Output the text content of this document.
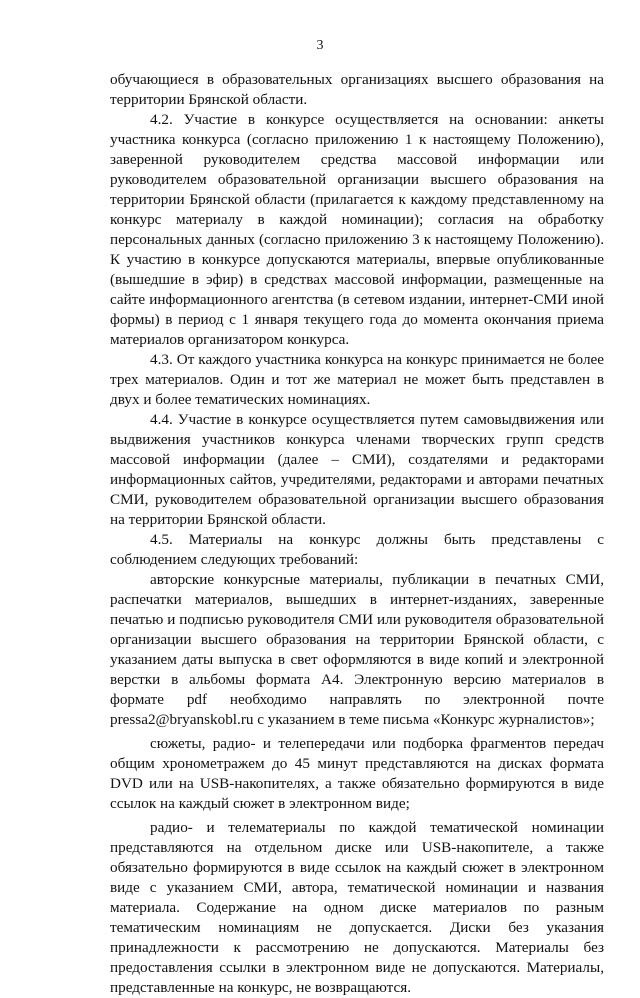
3

обучающиеся в образовательных организациях высшего образования на территории Брянской области.

4.2. Участие в конкурсе осуществляется на основании: анкеты участника конкурса (согласно приложению 1 к настоящему Положению), заверенной руководителем средства массовой информации или руководителем образовательной организации высшего образования на территории Брянской области (прилагается к каждому представленному на конкурс материалу в каждой номинации); согласия на обработку персональных данных (согласно приложению 3 к настоящему Положению). К участию в конкурсе допускаются материалы, впервые опубликованные (вышедшие в эфир) в средствах массовой информации, размещенные на сайте информационного агентства (в сетевом издании, интернет-СМИ иной формы) в период с 1 января текущего года до момента окончания приема материалов организатором конкурса.

4.3. От каждого участника конкурса на конкурс принимается не более трех материалов. Один и тот же материал не может быть представлен в двух и более тематических номинациях.

4.4. Участие в конкурсе осуществляется путем самовыдвижения или выдвижения участников конкурса членами творческих групп средств массовой информации (далее – СМИ), создателями и редакторами информационных сайтов, учредителями, редакторами и авторами печатных СМИ, руководителем образовательной организации высшего образования на территории Брянской области.

4.5. Материалы на конкурс должны быть представлены с соблюдением следующих требований:

авторские конкурсные материалы, публикации в печатных СМИ, распечатки материалов, вышедших в интернет-изданиях, заверенные печатью и подписью руководителя СМИ или руководителя образовательной организации высшего образования на территории Брянской области, с указанием даты выпуска в свет оформляются в виде копий и электронной верстки в альбомы формата А4. Электронную версию материалов в формате pdf необходимо направлять по электронной почте pressa2@bryanskobl.ru с указанием в теме письма «Конкурс журналистов»;

сюжеты, радио- и телепередачи или подборка фрагментов передач общим хронометражем до 45 минут представляются на дисках формата DVD или на USB-накопителях, а также обязательно формируются в виде ссылок на каждый сюжет в электронном виде;

радио- и телематериалы по каждой тематической номинации представляются на отдельном диске или USB-накопителе, а также обязательно формируются в виде ссылок на каждый сюжет в электронном виде с указанием СМИ, автора, тематической номинации и названия материала. Содержание на одном диске материалов по разным тематическим номинациям не допускается. Диски без указания принадлежности к рассмотрению не допускаются. Материалы без предоставления ссылки в электронном виде не допускаются. Материалы, представленные на конкурс, не возвращаются.
